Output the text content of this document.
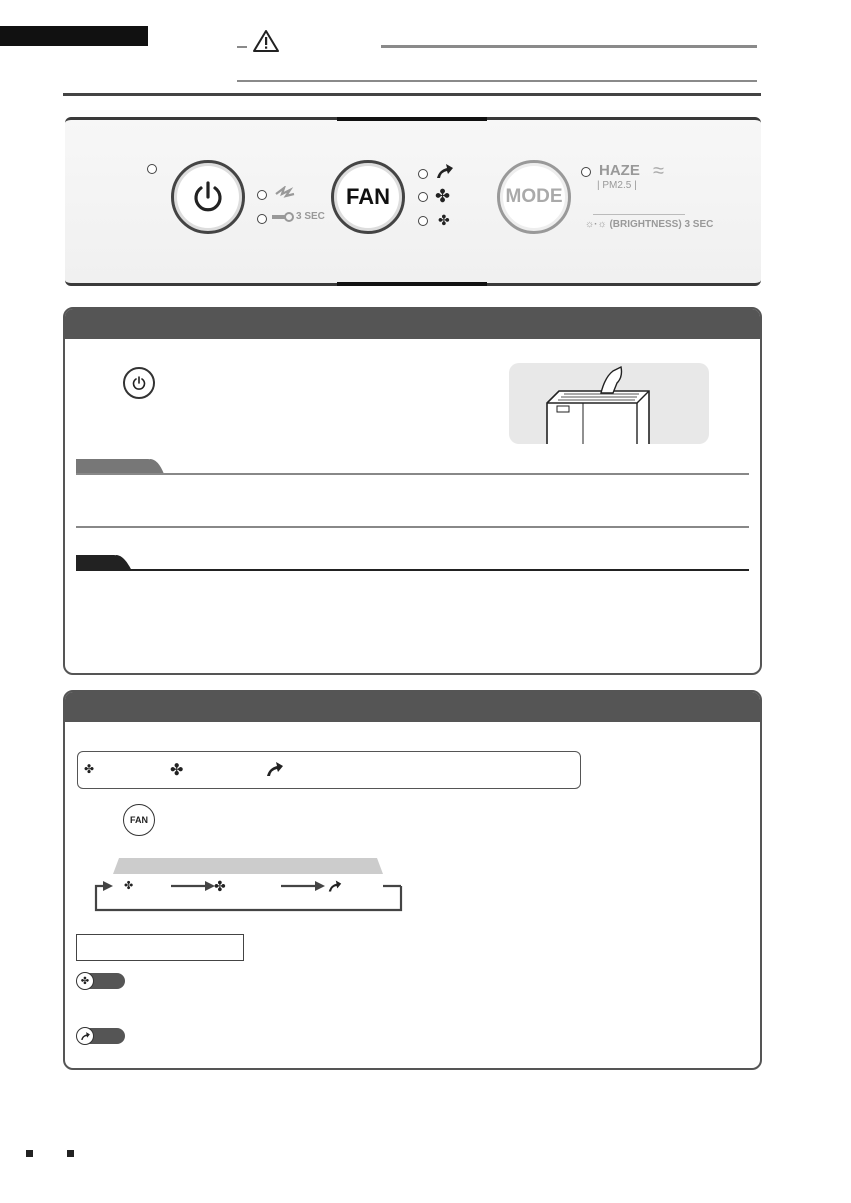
3 SEC
FAN	✤
✤
MODE
HAZE
| PM2.5 |
≈
☼·☼ (BRIGHTNESS) 3 SEC
✤	✤
FAN
✤	✤
✤
